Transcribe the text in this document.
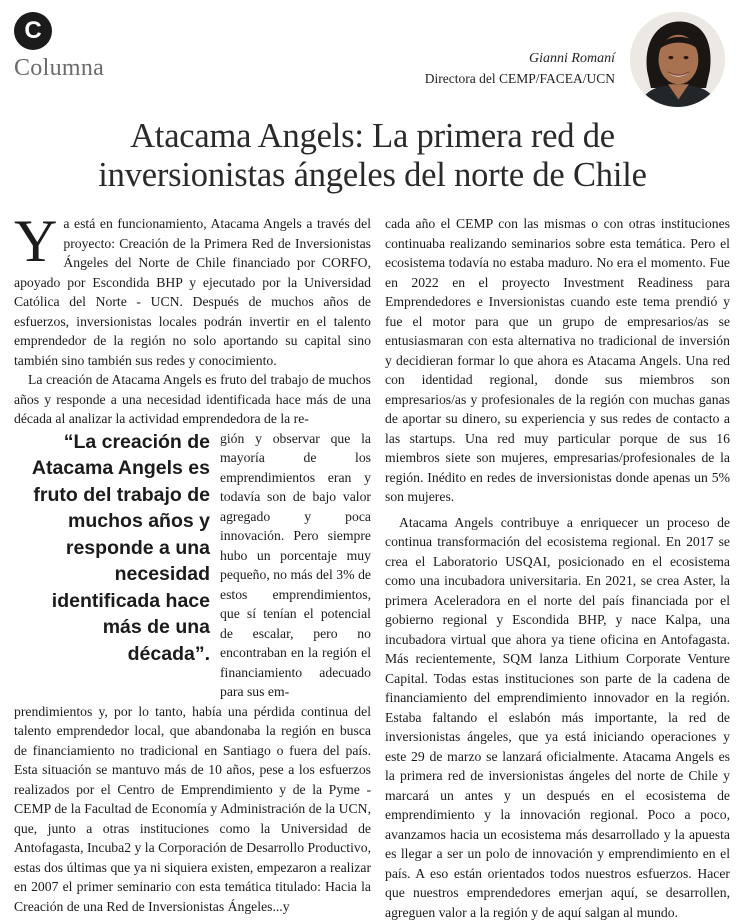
C
Columna	Gianni Romaní
Directora del CEMP/FACEA/UCN
Atacama Angels: La primera red de
inversionistas ángeles del norte de Chile

Ya está en funcionamiento, Atacama Angels a través del proyecto: Creación de la Primera Red de Inversionistas Ángeles del Norte de Chile financiado por CORFO, apoyado por Escondida BHP y ejecutado por la Universidad Católica del Norte - UCN. Después de muchos años de esfuerzos, inversionistas locales podrán invertir en el talento emprendedor de la región no solo aportando su capital sino también sino también sus redes y conocimiento.

La creación de Atacama Angels es fruto del trabajo de muchos años y responde a una necesidad identificada hace más de una década al analizar la actividad emprendedora de la re-

“La creación de Atacama Angels es fruto del trabajo de muchos años y responde a una necesidad identificada hace más de una década”.

gión y observar que la mayoría de los emprendimientos eran y todavía son de bajo valor agregado y poca innovación. Pero siempre hubo un porcentaje muy pequeño, no más del 3% de estos emprendimientos, que sí tenían el potencial de escalar, pero no encontraban en la región el financiamiento adecuado para sus em-

prendimientos y, por lo tanto, había una pérdida continua del talento emprendedor local, que abandonaba la región en busca de financiamiento no tradicional en Santiago o fuera del país. Esta situación se mantuvo más de 10 años, pese a los esfuerzos realizados por el Centro de Emprendimiento y de la Pyme - CEMP de la Facultad de Economía y Administración de la UCN, que, junto a otras instituciones como la Universidad de Antofagasta, Incuba2 y la Corporación de Desarrollo Productivo, estas dos últimas que ya ni siquiera existen, empezaron a realizar en 2007 el primer seminario con esta temática titulado: Hacia la Creación de una Red de Inversionistas Ángeles...y

cada año el CEMP con las mismas o con otras instituciones continuaba realizando seminarios sobre esta temática. Pero el ecosistema todavía no estaba maduro. No era el momento. Fue en 2022 en el proyecto Investment Readiness para Emprendedores e Inversionistas cuando este tema prendió y fue el motor para que un grupo de empresarios/as se entusiasmaran con esta alternativa no tradicional de inversión y decidieran formar lo que ahora es Atacama Angels. Una red con identidad regional, donde sus miembros son empresarios/as y profesionales de la región con muchas ganas de aportar su dinero, su experiencia y sus redes de contacto a las startups. Una red muy particular porque de sus 16 miembros siete son mujeres, empresarias/profesionales de la región. Inédito en redes de inversionistas donde apenas un 5% son mujeres.

Atacama Angels contribuye a enriquecer un proceso de continua transformación del ecosistema regional. En 2017 se crea el Laboratorio USQAI, posicionado en el ecosistema como una incubadora universitaria. En 2021, se crea Aster, la primera Aceleradora en el norte del país financiada por el gobierno regional y Escondida BHP, y nace Kalpa, una incubadora virtual que ahora ya tiene oficina en Antofagasta. Más recientemente, SQM lanza Lithium Corporate Venture Capital. Todas estas instituciones son parte de la cadena de financiamiento del emprendimiento innovador en la región. Estaba faltando el eslabón más importante, la red de inversionistas ángeles, que ya está iniciando operaciones y este 29 de marzo se lanzará oficialmente. Atacama Angels es la primera red de inversionistas ángeles del norte de Chile y marcará un antes y un después en el ecosistema de emprendimiento y la innovación regional. Poco a poco, avanzamos hacia un ecosistema más desarrollado y la apuesta es llegar a ser un polo de innovación y emprendimiento en el país. A eso están orientados todos nuestros esfuerzos. Hacer que nuestros emprendedores emerjan aquí, se desarrollen, agreguen valor a la región y de aquí salgan al mundo.
